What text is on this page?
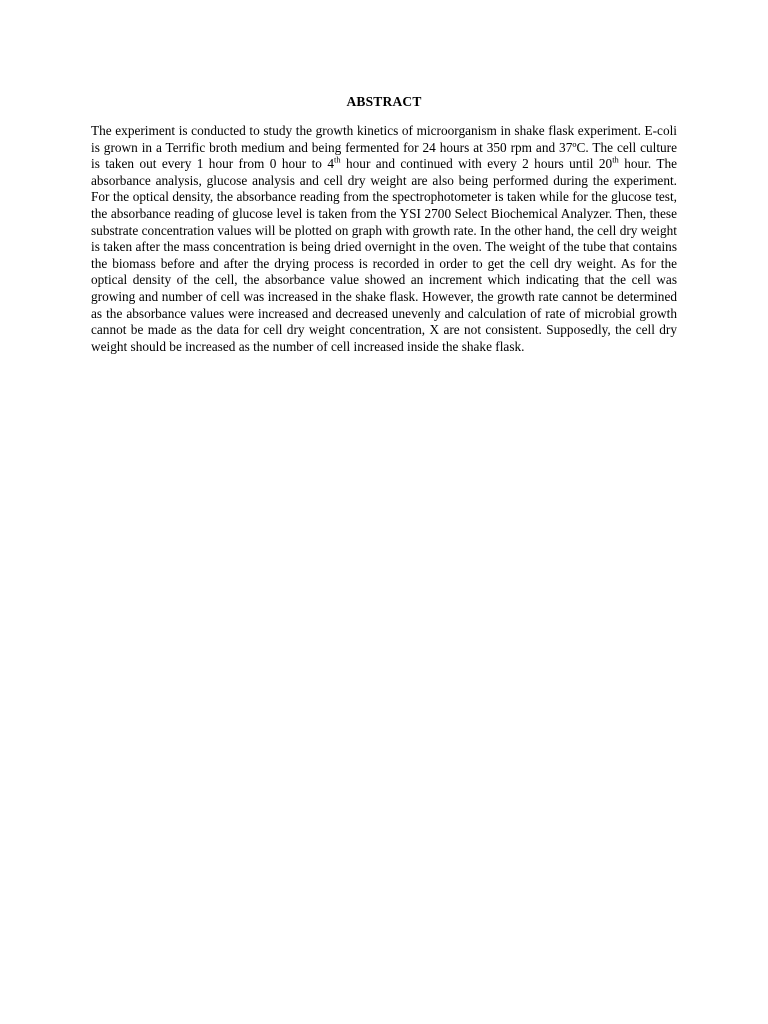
ABSTRACT

The experiment is conducted to study the growth kinetics of microorganism in shake flask experiment. E-coli is grown in a Terrific broth medium and being fermented for 24 hours at 350 rpm and 37ºC. The cell culture is taken out every 1 hour from 0 hour to 4th hour and continued with every 2 hours until 20th hour. The absorbance analysis, glucose analysis and cell dry weight are also being performed during the experiment. For the optical density, the absorbance reading from the spectrophotometer is taken while for the glucose test, the absorbance reading of glucose level is taken from the YSI 2700 Select Biochemical Analyzer. Then, these substrate concentration values will be plotted on graph with growth rate. In the other hand, the cell dry weight is taken after the mass concentration is being dried overnight in the oven. The weight of the tube that contains the biomass before and after the drying process is recorded in order to get the cell dry weight. As for the optical density of the cell, the absorbance value showed an increment which indicating that the cell was growing and number of cell was increased in the shake flask. However, the growth rate cannot be determined as the absorbance values were increased and decreased unevenly and calculation of rate of microbial growth cannot be made as the data for cell dry weight concentration, X are not consistent. Supposedly, the cell dry weight should be increased as the number of cell increased inside the shake flask.
